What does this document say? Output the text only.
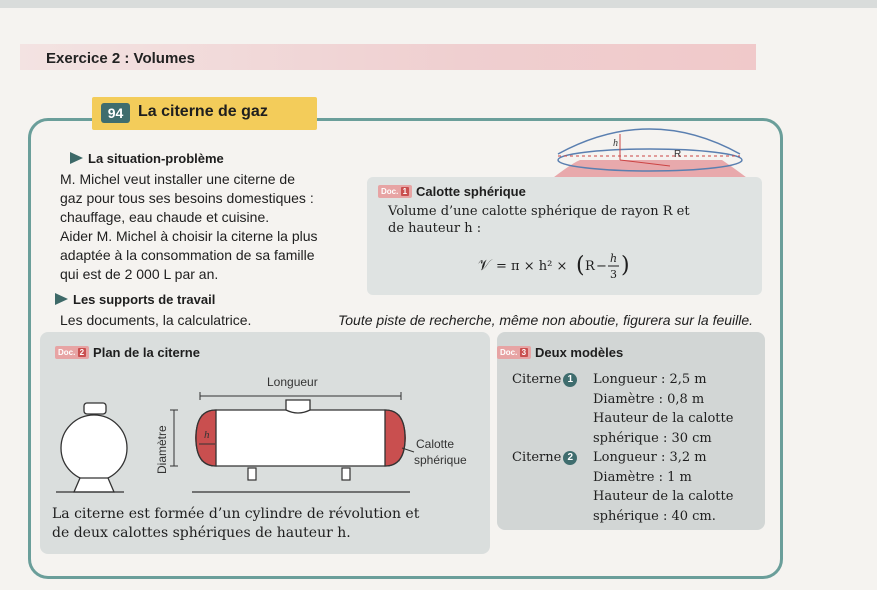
Exercice 2 : Volumes
94 La citerne de gaz
La situation-problème
M. Michel veut installer une citerne de
gaz pour tous ses besoins domestiques :
chauffage, eau chaude et cuisine.
Aider M. Michel à choisir la citerne la plus
adaptée à la consommation de sa famille
qui est de 2 000 L par an.
h
R
Doc. 1 Calotte sphérique
Volume d’une calotte sphérique de rayon R et
de hauteur h :
𝒱 = π × h² × ( R −
h
3 )
Les supports de travail
Les documents, la calculatrice.	Toute piste de recherche, même non aboutie, figurera sur la feuille.
Doc. 2 Plan de la citerne
Longueur
h
Diamètre	Calotte
sphérique
La citerne est formée d’un cylindre de révolution et
de deux calottes sphériques de hauteur h.
Doc. 3 Deux modèles
Citerne 1	Longueur : 2,5 m
Diamètre : 0,8 m
Hauteur de la calotte
sphérique : 30 cm
Citerne 2	Longueur : 3,2 m
Diamètre : 1 m
Hauteur de la calotte
sphérique : 40 cm.
